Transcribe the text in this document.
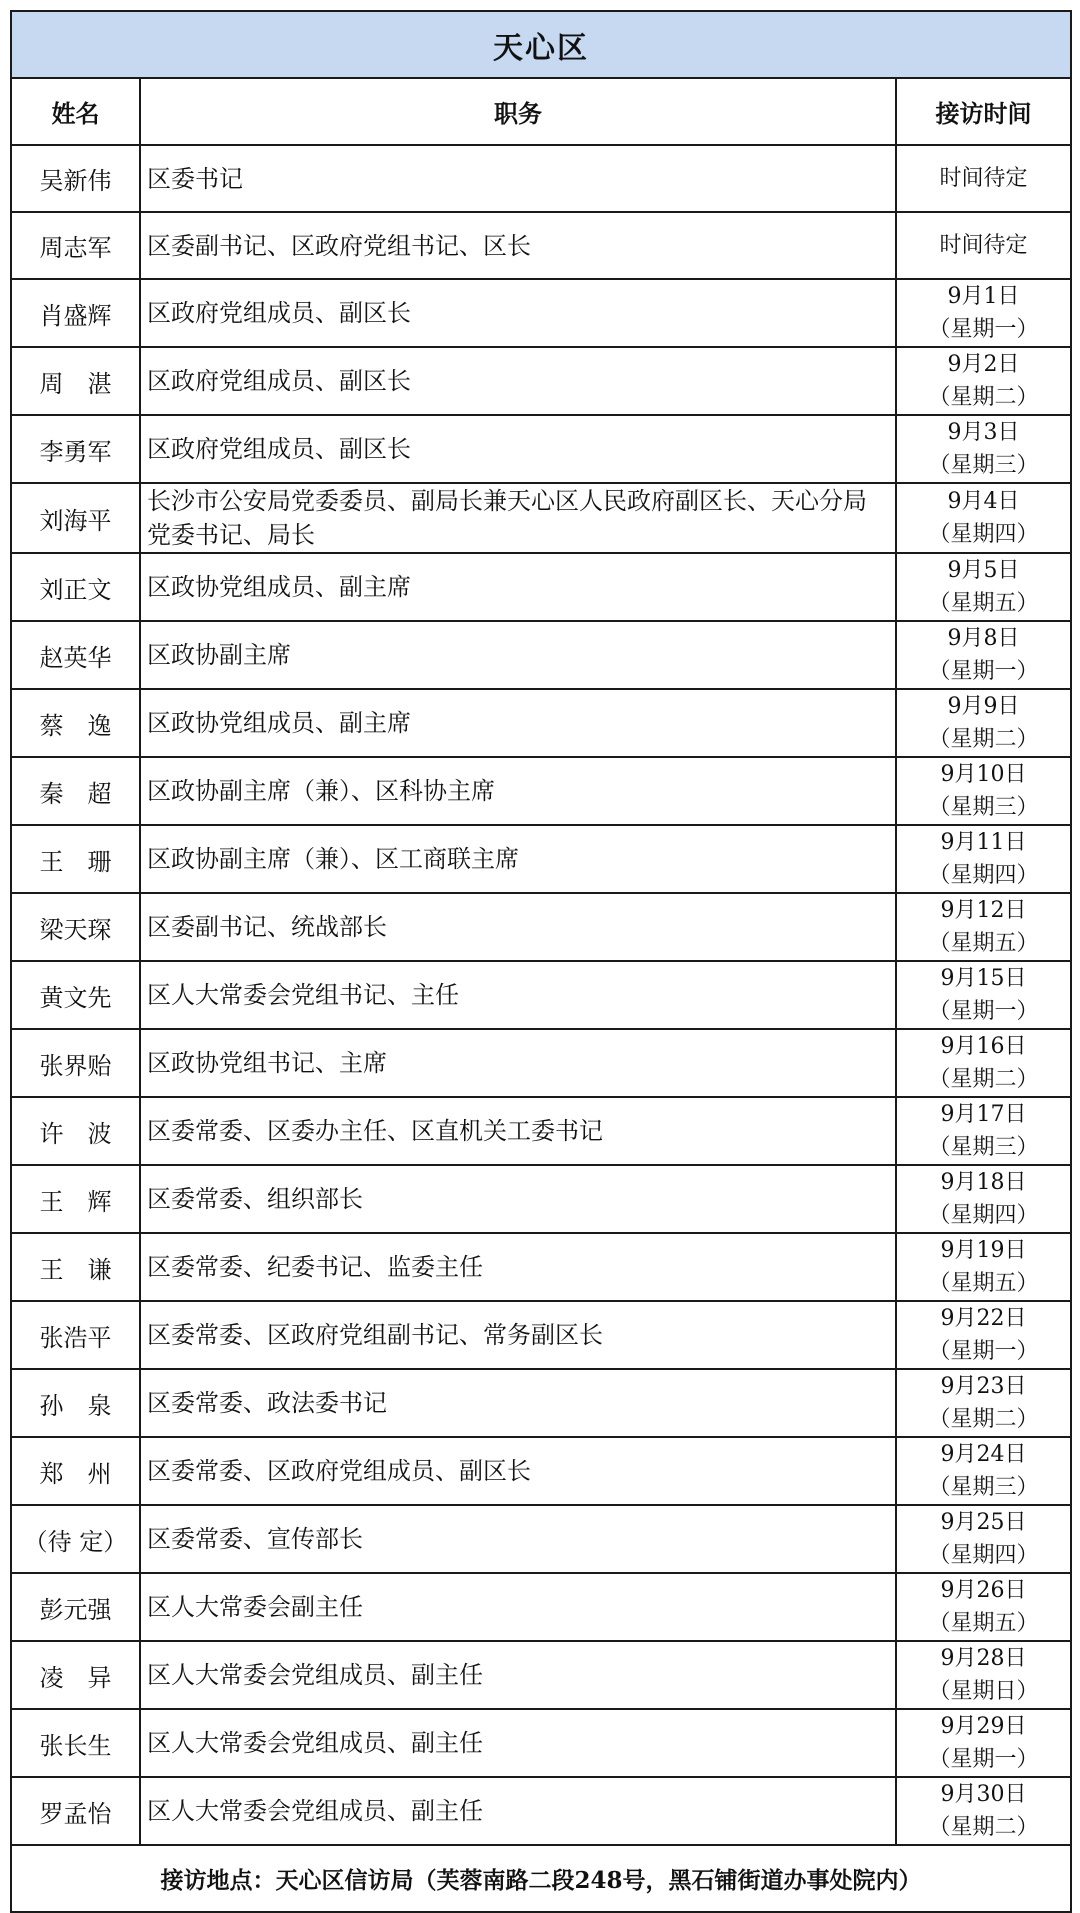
天心区		
姓名	职务	接访时间
吴新伟	区委书记	时间待定

周志军	区委副书记、区政府党组书记、区长	时间待定

肖盛辉	区政府党组成员、副区长	9月1日
（星期一）

周　湛	区政府党组成员、副区长	9月2日
（星期二）

李勇军	区政府党组成员、副区长	9月3日
（星期三）

刘海平	长沙市公安局党委委员、副局长兼天心区人民政府副区长、天心分局党委书记、局长	9月4日
（星期四）

刘正文	区政协党组成员、副主席	9月5日
（星期五）

赵英华	区政协副主席	9月8日
（星期一）

蔡　逸	区政协党组成员、副主席	9月9日
（星期二）

秦　超	区政协副主席（兼）、区科协主席	9月10日
（星期三）

王　珊	区政协副主席（兼）、区工商联主席	9月11日
（星期四）

梁天琛	区委副书记、统战部长	9月12日
（星期五）

黄文先	区人大常委会党组书记、主任	9月15日
（星期一）

张界贻	区政协党组书记、主席	9月16日
（星期二）

许　波	区委常委、区委办主任、区直机关工委书记	9月17日
（星期三）

王　辉	区委常委、组织部长	9月18日
（星期四）

王　谦	区委常委、纪委书记、监委主任	9月19日
（星期五）

张浩平	区委常委、区政府党组副书记、常务副区长	9月22日
（星期一）

孙　泉	区委常委、政法委书记	9月23日
（星期二）

郑　州	区委常委、区政府党组成员、副区长	9月24日
（星期三）

（待 定）	区委常委、宣传部长	9月25日
（星期四）

彭元强	区人大常委会副主任	9月26日
（星期五）

凌　异	区人大常委会党组成员、副主任	9月28日
（星期日）

张长生	区人大常委会党组成员、副主任	9月29日
（星期一）

罗孟怡	区人大常委会党组成员、副主任	9月30日
（星期二）

接访地点：天心区信访局（芙蓉南路二段248号，黑石铺街道办事处院内）		
